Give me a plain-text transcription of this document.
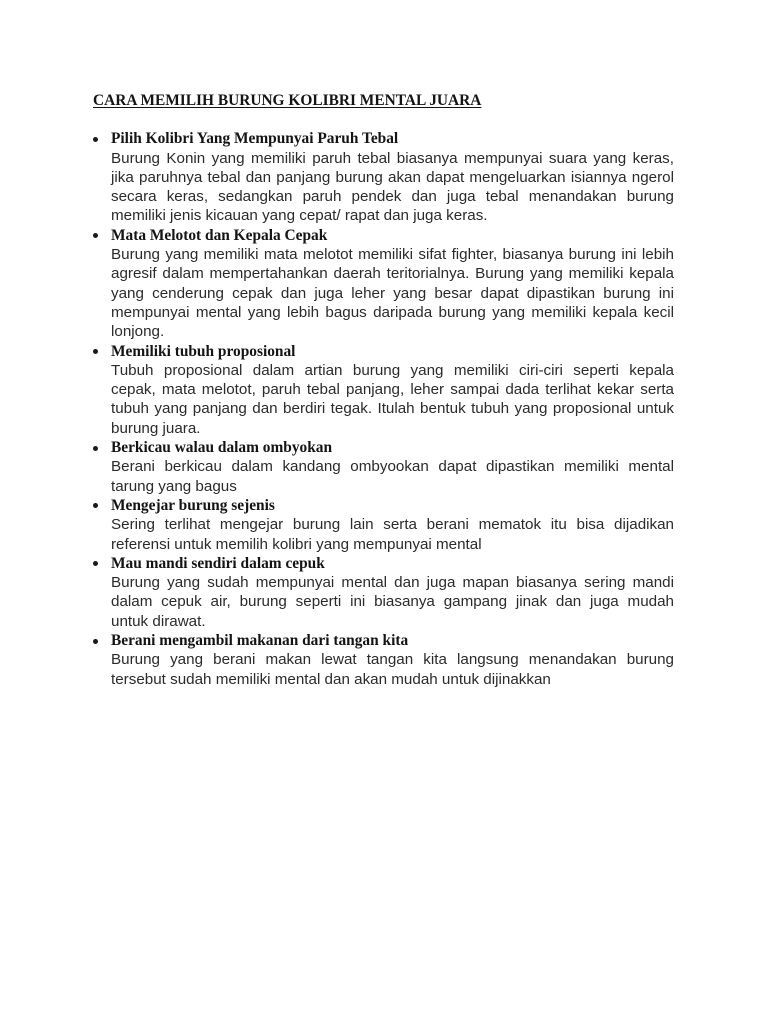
CARA MEMILIH BURUNG KOLIBRI MENTAL JUARA
Pilih Kolibri Yang Mempunyai Paruh Tebal
Burung Konin yang memiliki paruh tebal biasanya mempunyai suara yang keras,
jika paruhnya tebal dan panjang burung akan dapat mengeluarkan isiannya ngerol
secara keras, sedangkan paruh pendek dan juga tebal menandakan burung
memiliki jenis kicauan yang cepat/ rapat dan juga keras.
Mata Melotot dan Kepala Cepak
Burung yang memiliki mata melotot memiliki sifat fighter, biasanya burung ini lebih
agresif dalam mempertahankan daerah teritorialnya. Burung yang memiliki kepala
yang cenderung cepak dan juga leher yang besar dapat dipastikan burung ini
mempunyai mental yang lebih bagus daripada burung yang memiliki kepala kecil
lonjong.
Memiliki tubuh proposional
Tubuh proposional dalam artian burung yang memiliki ciri-ciri seperti kepala
cepak, mata melotot, paruh tebal panjang, leher sampai dada terlihat kekar serta
tubuh yang panjang dan berdiri tegak. Itulah bentuk tubuh yang proposional untuk
burung juara.
Berkicau walau dalam ombyokan
Berani berkicau dalam kandang ombyookan dapat dipastikan memiliki mental
tarung yang bagus
Mengejar burung sejenis
Sering terlihat mengejar burung lain serta berani mematok itu bisa dijadikan
referensi untuk memilih kolibri yang mempunyai mental
Mau mandi sendiri dalam cepuk
Burung yang sudah mempunyai mental dan juga mapan biasanya sering mandi
dalam cepuk air, burung seperti ini biasanya gampang jinak dan juga mudah
untuk dirawat.
Berani mengambil makanan dari tangan kita
Burung yang berani makan lewat tangan kita langsung menandakan burung
tersebut sudah memiliki mental dan akan mudah untuk dijinakkan
